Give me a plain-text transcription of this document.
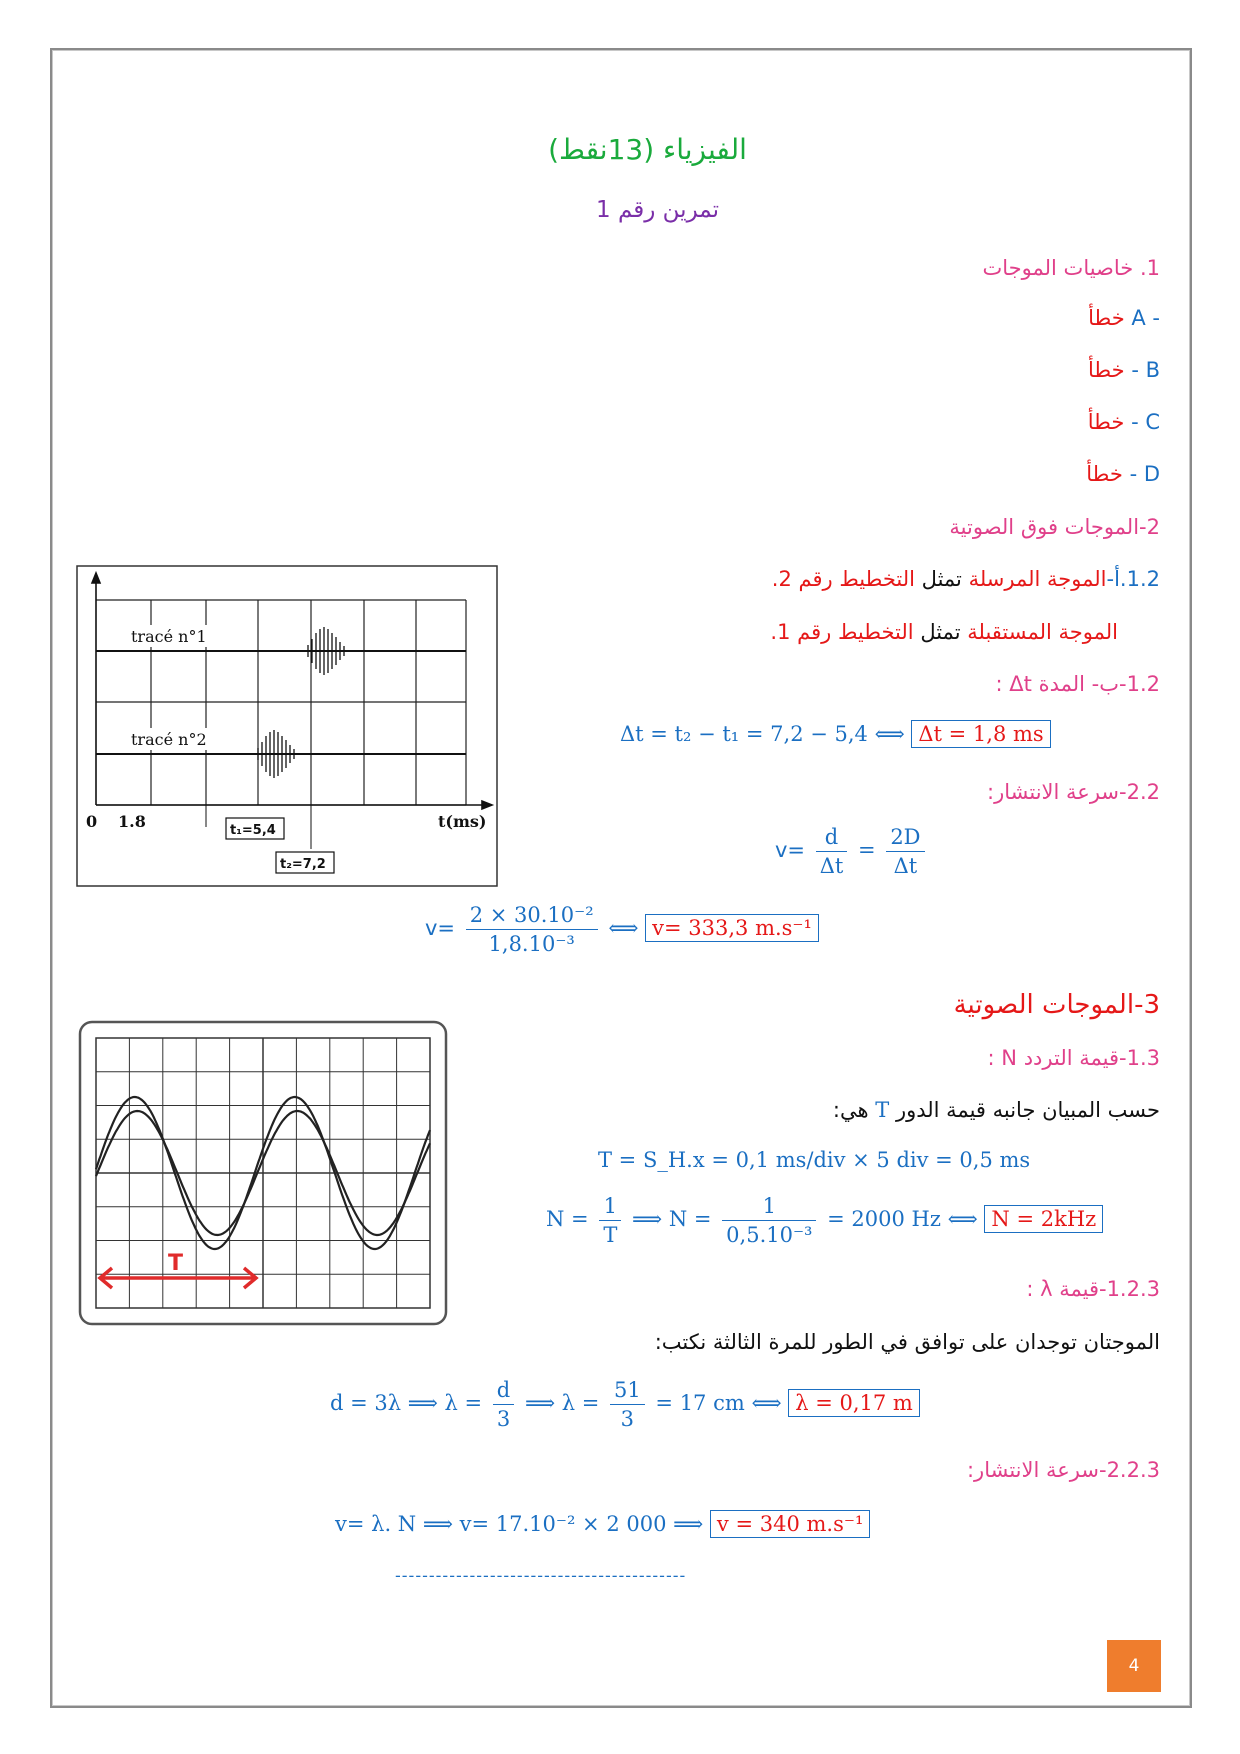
الفيزياء (13نقط)
تمرين رقم 1
1. خاصيات الموجات
خطأ A -
خطأ - B
خطأ - C
خطأ - D
2-الموجات فوق الصوتية
1.2.أ-الموجة المرسلة تمثل التخطيط رقم 2.
الموجة المستقبلة تمثل التخطيط رقم 1.
1.2-ب- المدة Δt :
Δt = t₂ − t₁ = 7,2 − 5,4 ⟺ Δt = 1,8 ms
2.2-سرعة الانتشار:
$v= \frac{d}{\Delta t} = \frac{2D}{\Delta t}$
$v= \frac{\text{2 × 30.10⁻²}}{\text{1,8.10⁻³}}$ ⟺ v= 333,3 m.s⁻¹
tracé n°1
tracé n°2
0 1.8	t(ms)
t₁=5,4
t₂=7,2
3-الموجات الصوتية
1.3-قيمة التردد N :
حسب المبيان جانبه قيمة الدور T هي:
T = S_H.x = 0,1 ms/div × 5 div = 0,5 ms
$N = \frac{1}{T}$ ⟹ $N = \frac{1}{\text{0,5.10⁻³}} = 2000$ Hz ⟺ N = 2kHz
1.2.3-قيمة λ :
الموجتان توجدان على توافق في الطور للمرة الثالثة نكتب:
d = 3λ ⟹ $\lambda = \frac{d}{3}$ ⟹ $\lambda = \frac{51}{3} = 17$ cm ⟺ λ = 0,17 m
2.2.3-سرعة الانتشار:
v= λ. N ⟹ v= 17.10⁻² × 2 000 ⟹ v = 340 m.s⁻¹
-------------------------------------------
T
4
